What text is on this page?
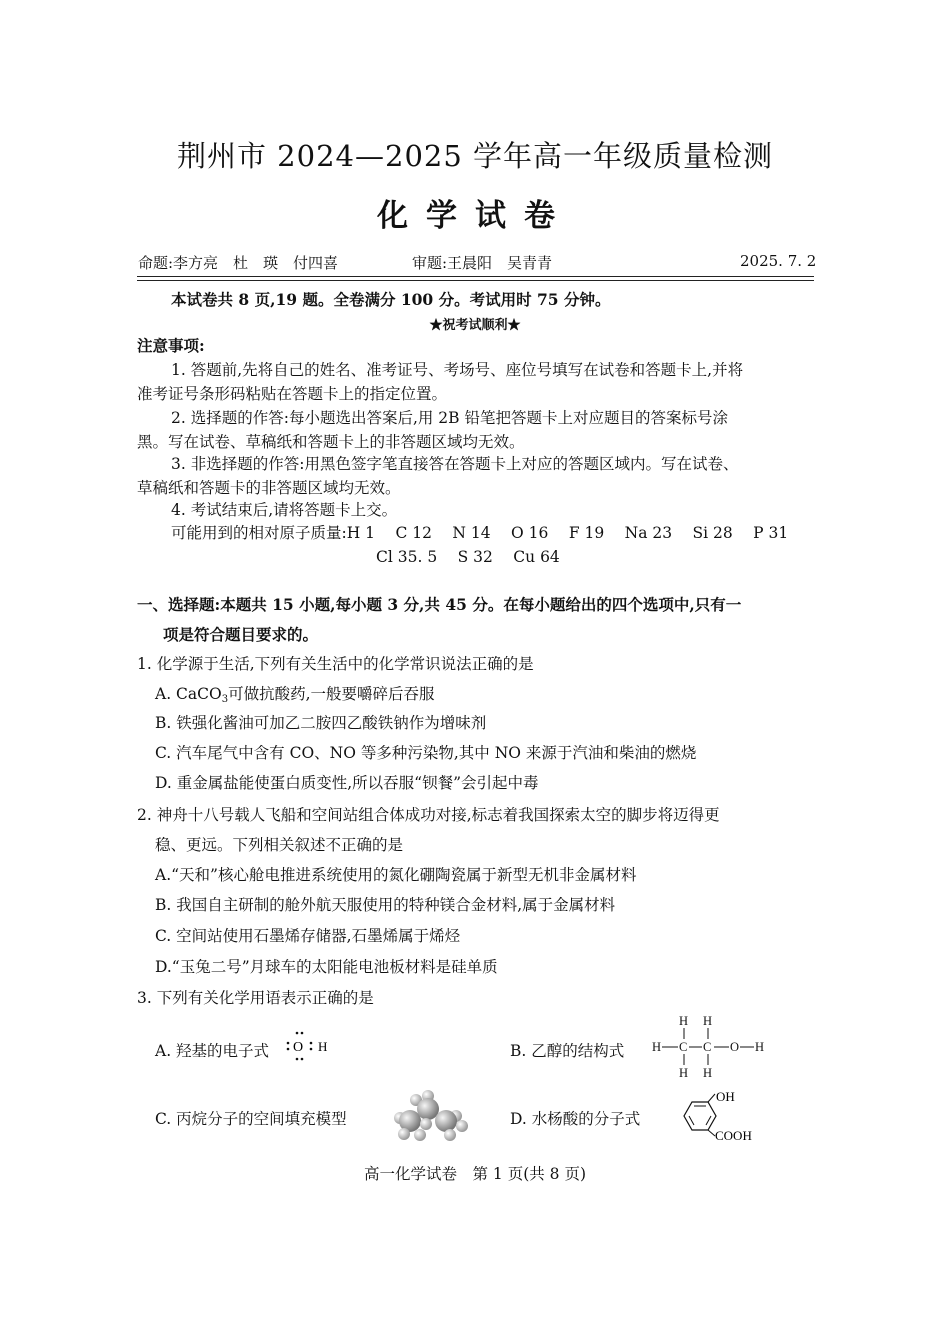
荆州市 2024—2025 学年高一年级质量检测
化学试卷
命题:李方亮　杜　瑛　付四喜	审题:王晨阳　吴青青	2025. 7. 2
本试卷共 8 页,19 题。全卷满分 100 分。考试用时 75 分钟。
★祝考试顺利★
注意事项:
1. 答题前,先将自己的姓名、准考证号、考场号、座位号填写在试卷和答题卡上,并将
准考证号条形码粘贴在答题卡上的指定位置。
2. 选择题的作答:每小题选出答案后,用 2B 铅笔把答题卡上对应题目的答案标号涂
黑。写在试卷、草稿纸和答题卡上的非答题区域均无效。
3. 非选择题的作答:用黑色签字笔直接答在答题卡上对应的答题区域内。写在试卷、
草稿纸和答题卡的非答题区域均无效。
4. 考试结束后,请将答题卡上交。
可能用到的相对原子质量:H 1　 C 12　 N 14　 O 16　 F 19　 Na 23　 Si 28　 P 31
Cl 35. 5　 S 32　 Cu 64
一、选择题:本题共 15 小题,每小题 3 分,共 45 分。在每小题给出的四个选项中,只有一
项是符合题目要求的。
1. 化学源于生活,下列有关生活中的化学常识说法正确的是
A. CaCO$_3$可做抗酸药,一般要嚼碎后吞服
B. 铁强化酱油可加乙二胺四乙酸铁钠作为增味剂
C. 汽车尾气中含有 CO、NO 等多种污染物,其中 NO 来源于汽油和柴油的燃烧
D. 重金属盐能使蛋白质变性,所以吞服“钡餐”会引起中毒
2. 神舟十八号载人飞船和空间站组合体成功对接,标志着我国探索太空的脚步将迈得更
稳、更远。下列相关叙述不正确的是
A.“天和”核心舱电推进系统使用的氮化硼陶瓷属于新型无机非金属材料
B. 我国自主研制的舱外航天服使用的特种镁合金材料,属于金属材料
C. 空间站使用石墨烯存储器,石墨烯属于烯烃
D.“玉兔二号”月球车的太阳能电池板材料是硅单质
3. 下列有关化学用语表示正确的是
A. 羟基的电子式	B. 乙醇的结构式
C. 丙烷分子的空间填充模型	D. 水杨酸的分子式
O H
H H
H C C O H
H H
OH
COOH
高一化学试卷　第 1 页(共 8 页)
